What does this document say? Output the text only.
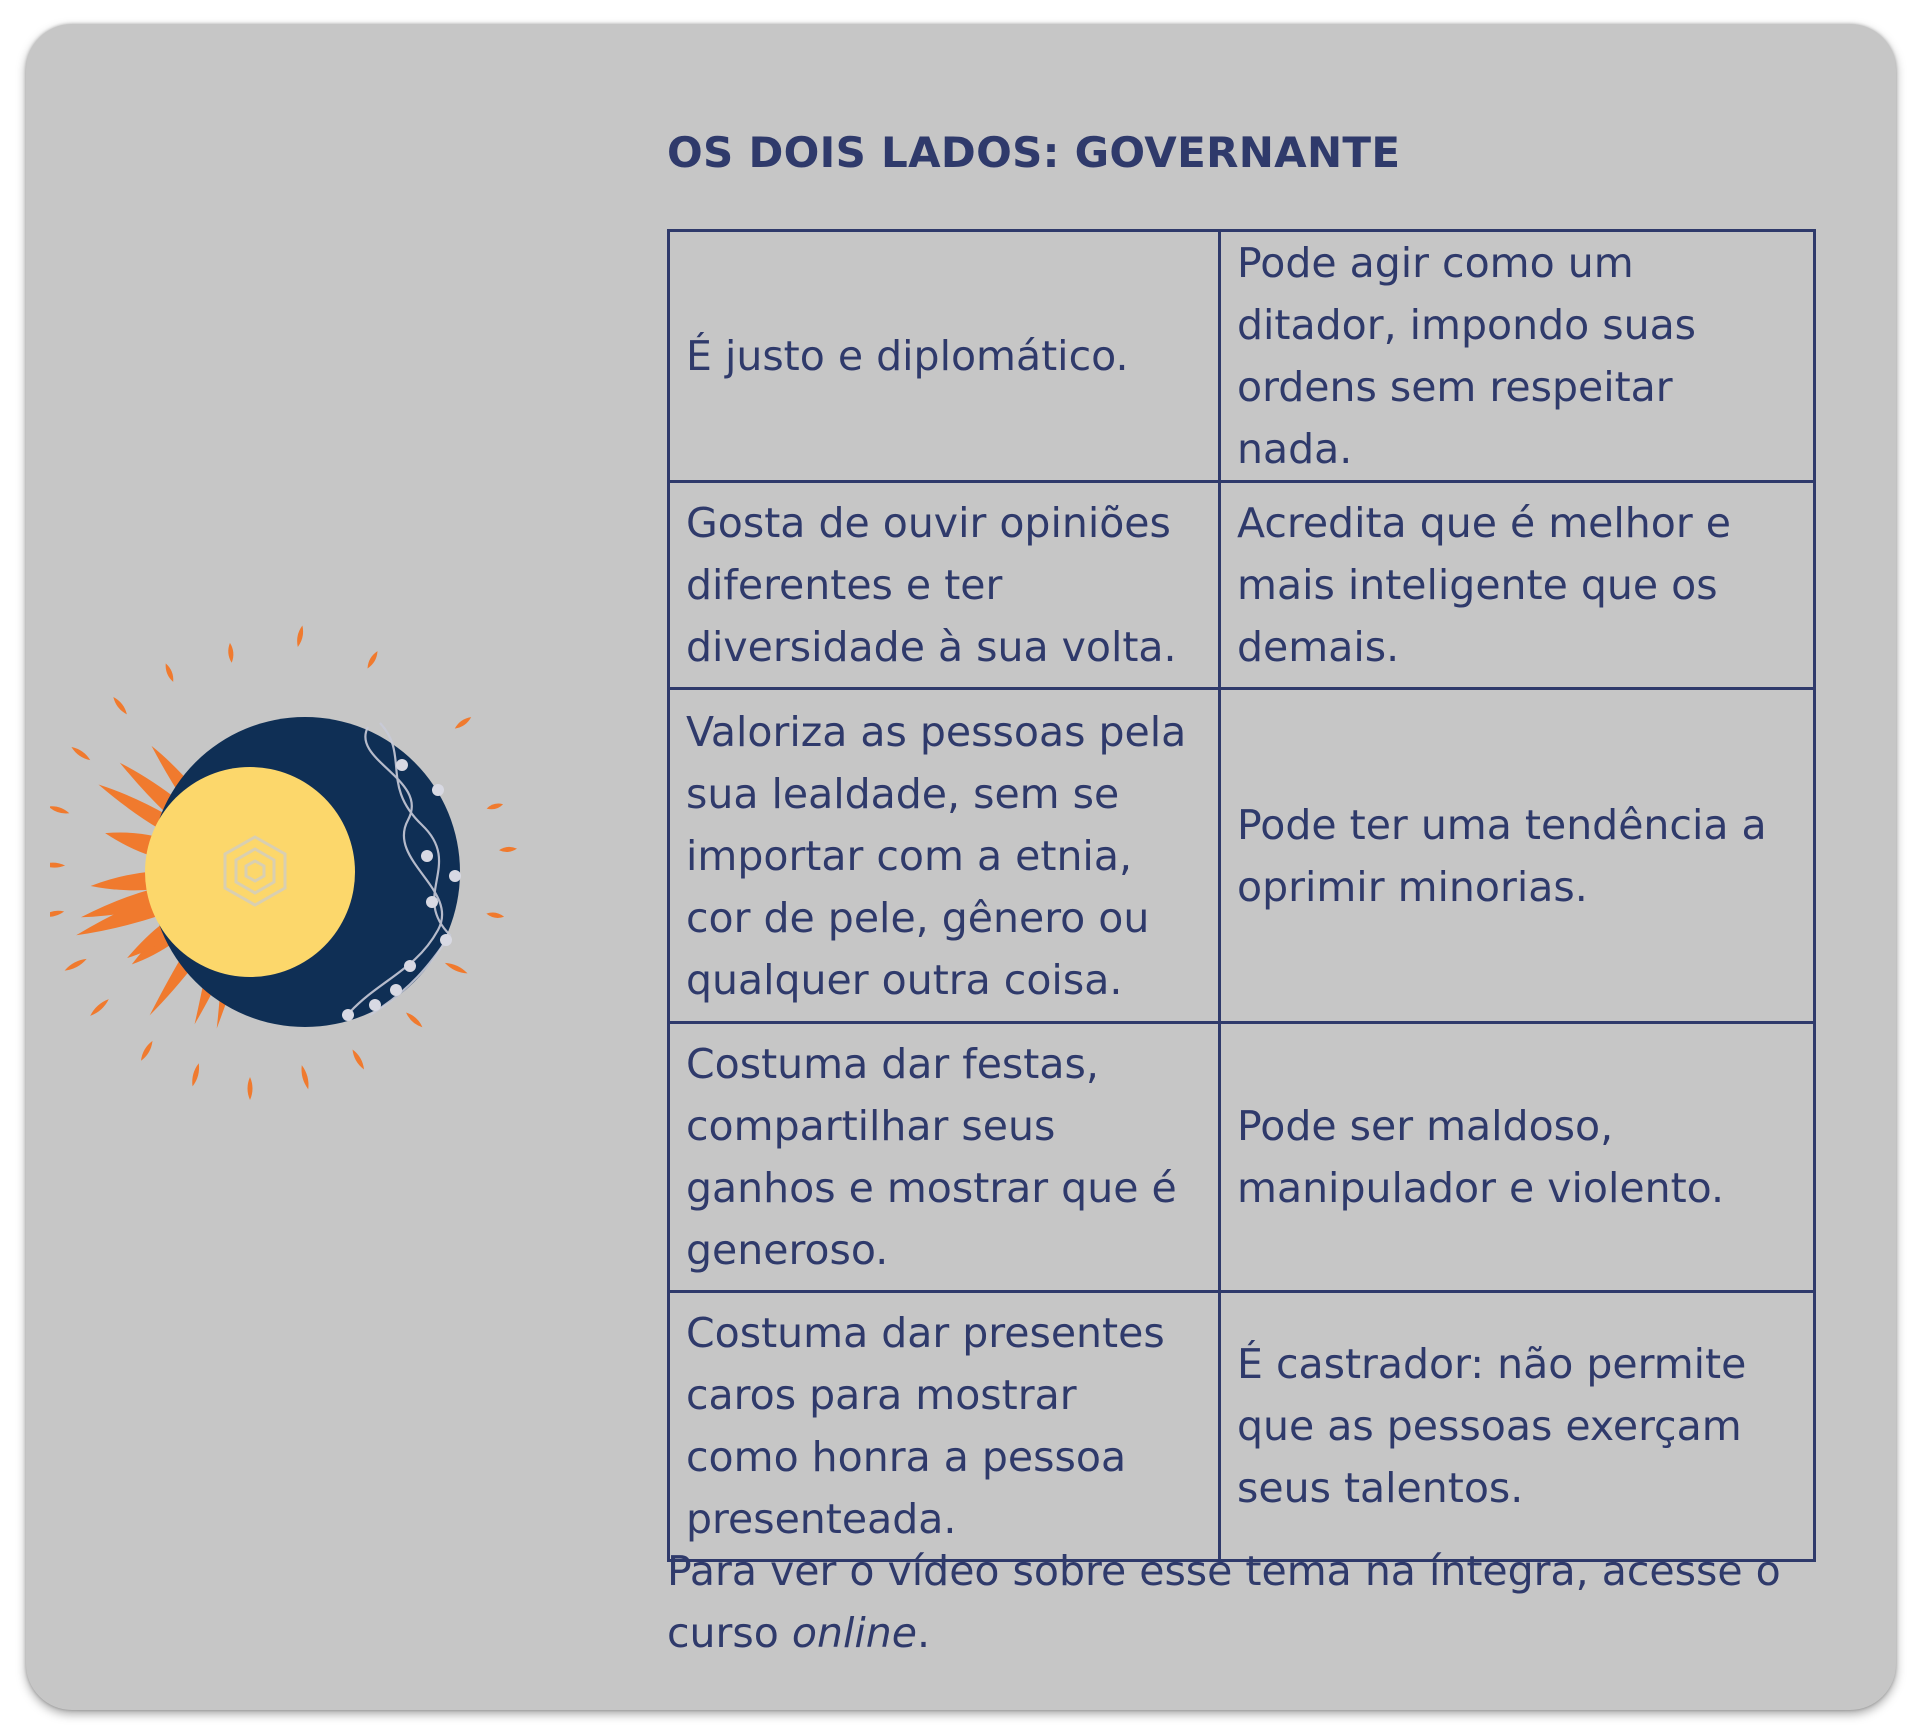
OS DOIS LADOS: GOVERNANTE
É justo e diplomático.	Pode agir como um ditador, impondo suas ordens sem respeitar nada.
Gosta de ouvir opiniões diferentes e ter diversidade à sua volta.	Acredita que é melhor e mais inteligente que os demais.
Valoriza as pessoas pela sua lealdade, sem se importar com a etnia, cor de pele, gênero ou qualquer outra coisa.	Pode ter uma tendência a oprimir minorias.
Costuma dar festas, compartilhar seus ganhos e mostrar que é generoso.	Pode ser maldoso, manipulador e violento.
Costuma dar presentes caros para mostrar como honra a pessoa presenteada.	É castrador: não permite que as pessoas exerçam seus talentos.

Para ver o vídeo sobre esse tema na íntegra, acesse o curso online.
